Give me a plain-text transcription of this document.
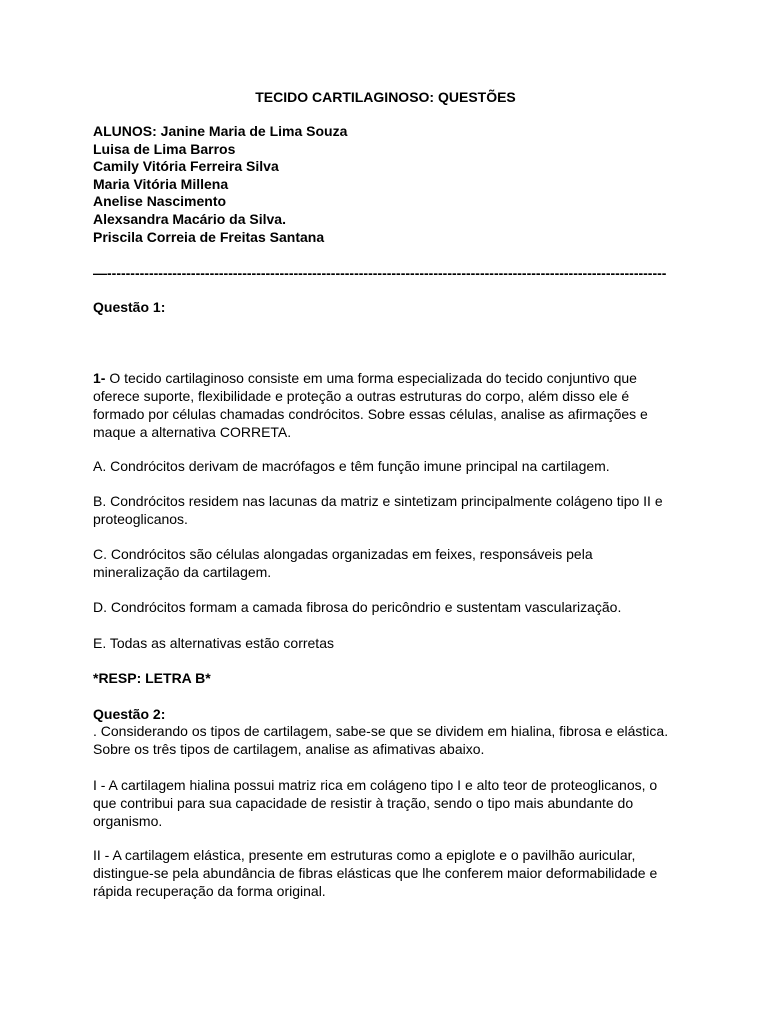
TECIDO CARTILAGINOSO: QUESTÕES
ALUNOS: Janine Maria de Lima Souza
Luisa de Lima Barros
Camily Vitória Ferreira Silva
Maria Vitória Millena
Anelise Nascimento
Alexsandra Macário da Silva.
Priscila Correia de Freitas Santana
—------------------------------------------------------------------------------------------------------------------------
Questão 1:

1- O tecido cartilaginoso consiste em uma forma especializada do tecido conjuntivo que oferece suporte, flexibilidade e proteção a outras estruturas do corpo, além disso ele é formado por células chamadas condrócitos. Sobre essas células, analise as afirmações e maque a alternativa CORRETA.

A. Condrócitos derivam de macrófagos e têm função imune principal na cartilagem.
B. Condrócitos residem nas lacunas da matriz e sintetizam principalmente colágeno tipo II e proteoglicanos.
C. Condrócitos são células alongadas organizadas em feixes, responsáveis pela mineralização da cartilagem.
D. Condrócitos formam a camada fibrosa do pericôndrio e sustentam vascularização.
E. Todas as alternativas estão corretas
*RESP: LETRA B*
Questão 2:
. Considerando os tipos de cartilagem, sabe-se que se dividem em hialina, fibrosa e elástica. Sobre os três tipos de cartilagem, analise as afimativas abaixo.
I - A cartilagem hialina possui matriz rica em colágeno tipo I e alto teor de proteoglicanos, o que contribui para sua capacidade de resistir à tração, sendo o tipo mais abundante do organismo.
II - A cartilagem elástica, presente em estruturas como a epiglote e o pavilhão auricular, distingue-se pela abundância de fibras elásticas que lhe conferem maior deformabilidade e rápida recuperação da forma original.
